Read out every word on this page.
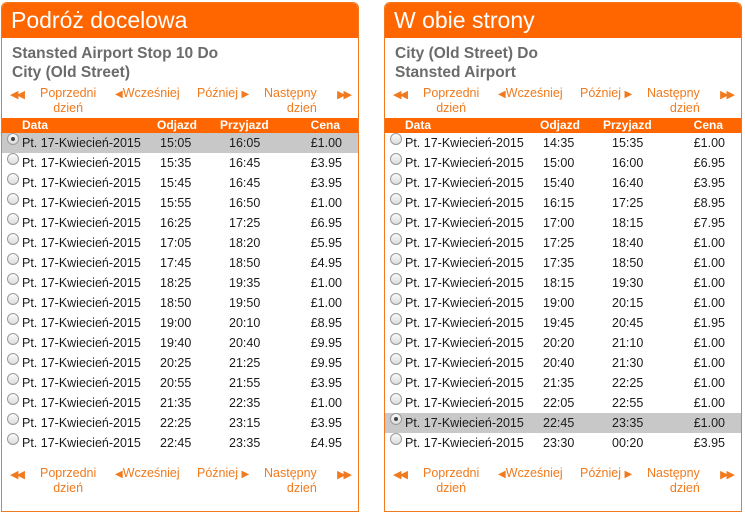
Podróż docelowa
Stansted Airport Stop 10 Do
City (Old Street)
◀◀ Poprzedni

dzień
◀Wcześniej Później ▶ Następny

dzień
▶▶
Data	Odjazd Przyjazd	Cena
Pt. 17-Kwiecień-2015 15:05	16:05	£1.00
Pt. 17-Kwiecień-2015 15:35	16:45	£3.95
Pt. 17-Kwiecień-2015 15:45	16:45	£3.95
Pt. 17-Kwiecień-2015 15:55	16:50	£1.00
Pt. 17-Kwiecień-2015 16:25	17:25	£6.95
Pt. 17-Kwiecień-2015 17:05	18:20	£5.95
Pt. 17-Kwiecień-2015 17:45	18:50	£4.95
Pt. 17-Kwiecień-2015 18:25	19:35	£1.00
Pt. 17-Kwiecień-2015 18:50	19:50	£1.00
Pt. 17-Kwiecień-2015 19:00	20:10	£8.95
Pt. 17-Kwiecień-2015 19:40	20:40	£9.95
Pt. 17-Kwiecień-2015 20:25	21:25	£9.95
Pt. 17-Kwiecień-2015 20:55	21:55	£3.95
Pt. 17-Kwiecień-2015 21:35	22:35	£1.00
Pt. 17-Kwiecień-2015 22:25	23:15	£3.95
Pt. 17-Kwiecień-2015 22:45	23:35	£4.95
◀◀ Poprzedni

dzień
◀Wcześniej Później ▶ Następny

dzień
▶▶
W obie strony
City (Old Street) Do
Stansted Airport
◀◀ Poprzedni

dzień
◀Wcześniej Później ▶ Następny

dzień
▶▶
Data	Odjazd Przyjazd	Cena
Pt. 17-Kwiecień-2015 14:35	15:35	£1.00
Pt. 17-Kwiecień-2015 15:00	16:00	£6.95
Pt. 17-Kwiecień-2015 15:40	16:40	£3.95
Pt. 17-Kwiecień-2015 16:15	17:25	£8.95
Pt. 17-Kwiecień-2015 17:00	18:15	£7.95
Pt. 17-Kwiecień-2015 17:25	18:40	£1.00
Pt. 17-Kwiecień-2015 17:35	18:50	£1.00
Pt. 17-Kwiecień-2015 18:15	19:30	£1.00
Pt. 17-Kwiecień-2015 19:00	20:15	£1.00
Pt. 17-Kwiecień-2015 19:45	20:45	£1.95
Pt. 17-Kwiecień-2015 20:20	21:10	£1.00
Pt. 17-Kwiecień-2015 20:40	21:30	£1.00
Pt. 17-Kwiecień-2015 21:35	22:25	£1.00
Pt. 17-Kwiecień-2015 22:05	22:55	£1.00
Pt. 17-Kwiecień-2015 22:45	23:35	£1.00
Pt. 17-Kwiecień-2015 23:30	00:20	£3.95
◀◀ Poprzedni

dzień
◀Wcześniej Później ▶ Następny

dzień
▶▶
